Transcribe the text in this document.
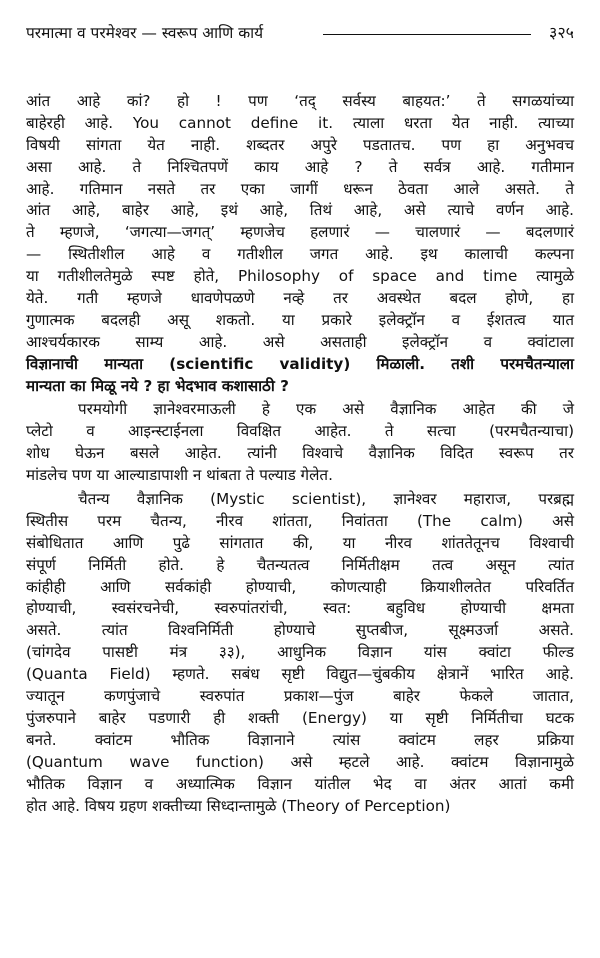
परमात्मा व परमेश्वर — स्वरूप आणि कार्य	३२५
आंत आहे कां? हो ! पण ‘तद् सर्वस्य बाहयत:’ ते सगळयांच्या
बाहेरही आहे. You cannot define it. त्याला धरता येत नाही. त्याच्या
विषयी सांगता येत नाही. शब्दतर अपुरे पडतातच. पण हा अनुभवच
असा आहे. ते निश्चितपणें काय आहे ? ते सर्वत्र आहे. गतीमान
आहे. गतिमान नसते तर एका जागीं धरून ठेवता आले असते. ते
आंत आहे, बाहेर आहे, इथं आहे, तिथं आहे, असे त्याचे वर्णन आहे.
ते म्हणजे, ‘जगत्या—जगत्’ म्हणजेच हलणारं — चालणारं — बदलणारं
— स्थितीशील आहे व गतीशील जगत आहे. इथ कालाची कल्पना
या गतीशीलतेमुळे स्पष्ट होते, Philosophy of space and time त्यामुळे
येते. गती म्हणजे धावणेपळणे नव्हे तर अवस्थेत बदल होणे, हा
गुणात्मक बदलही असू शकतो. या प्रकारे इलेक्ट्रॉन व ईशतत्व यात
आश्चर्यकारक साम्य आहे. असे असताही इलेक्ट्रॉन व क्वांटाला
विज्ञानाची मान्यता (scientific validity) मिळाली. तशी परमचैतन्याला
मान्यता का मिळू नये ? हा भेदभाव कशासाठी ?
परमयोगी ज्ञानेश्वरमाऊली हे एक असे वैज्ञानिक आहेत की जे
प्लेटो व आइन्स्टाईनला विवक्षित आहेत. ते सत्चा (परमचैतन्याचा)
शोध घेऊन बसले आहेत. त्यांनी विश्वाचे वैज्ञानिक विदित स्वरूप तर
मांडलेच पण या आल्याडापाशी न थांबता ते पल्याड गेलेत.
चैतन्य वैज्ञानिक (Mystic scientist), ज्ञानेश्वर महाराज, परब्रह्म
स्थितीस परम चैतन्य, नीरव शांतता, निवांतता (The calm) असे
संबोधितात आणि पुढे सांगतात की, या नीरव शांततेतूनच विश्वाची
संपूर्ण निर्मिती होते. हे चैतन्यतत्व निर्मितीक्षम तत्व असून त्यांत
कांहीही आणि सर्वकांही होण्याची, कोणत्याही क्रियाशीलतेत परिवर्तित
होण्याची, स्वसंरचनेची, स्वरुपांतरांची, स्वत: बहुविध होण्याची क्षमता
असते. त्यांत विश्वनिर्मिती होण्याचे सुप्तबीज, सूक्ष्मउर्जा असते.
(चांगदेव पासष्टी मंत्र ३३), आधुनिक विज्ञान यांस क्वांटा फील्ड
(Quanta Field) म्हणते. सबंध सृष्टी विद्युत—चुंबकीय क्षेत्रानें भारित आहे.
ज्यातून कणपुंजाचे स्वरुपांत प्रकाश—पुंज बाहेर फेकले जातात,
पुंजरुपाने बाहेर पडणारी ही शक्ती (Energy) या सृष्टी निर्मितीचा घटक
बनते. क्वांटम भौतिक विज्ञानाने त्यांस क्वांटम लहर प्रक्रिया
(Quantum wave function) असे म्हटले आहे. क्वांटम विज्ञानामुळे
भौतिक विज्ञान व अध्यात्मिक विज्ञान यांतील भेद वा अंतर आतां कमी
होत आहे. विषय ग्रहण शक्तीच्या सिध्दान्तामुळे (Theory of Perception)
